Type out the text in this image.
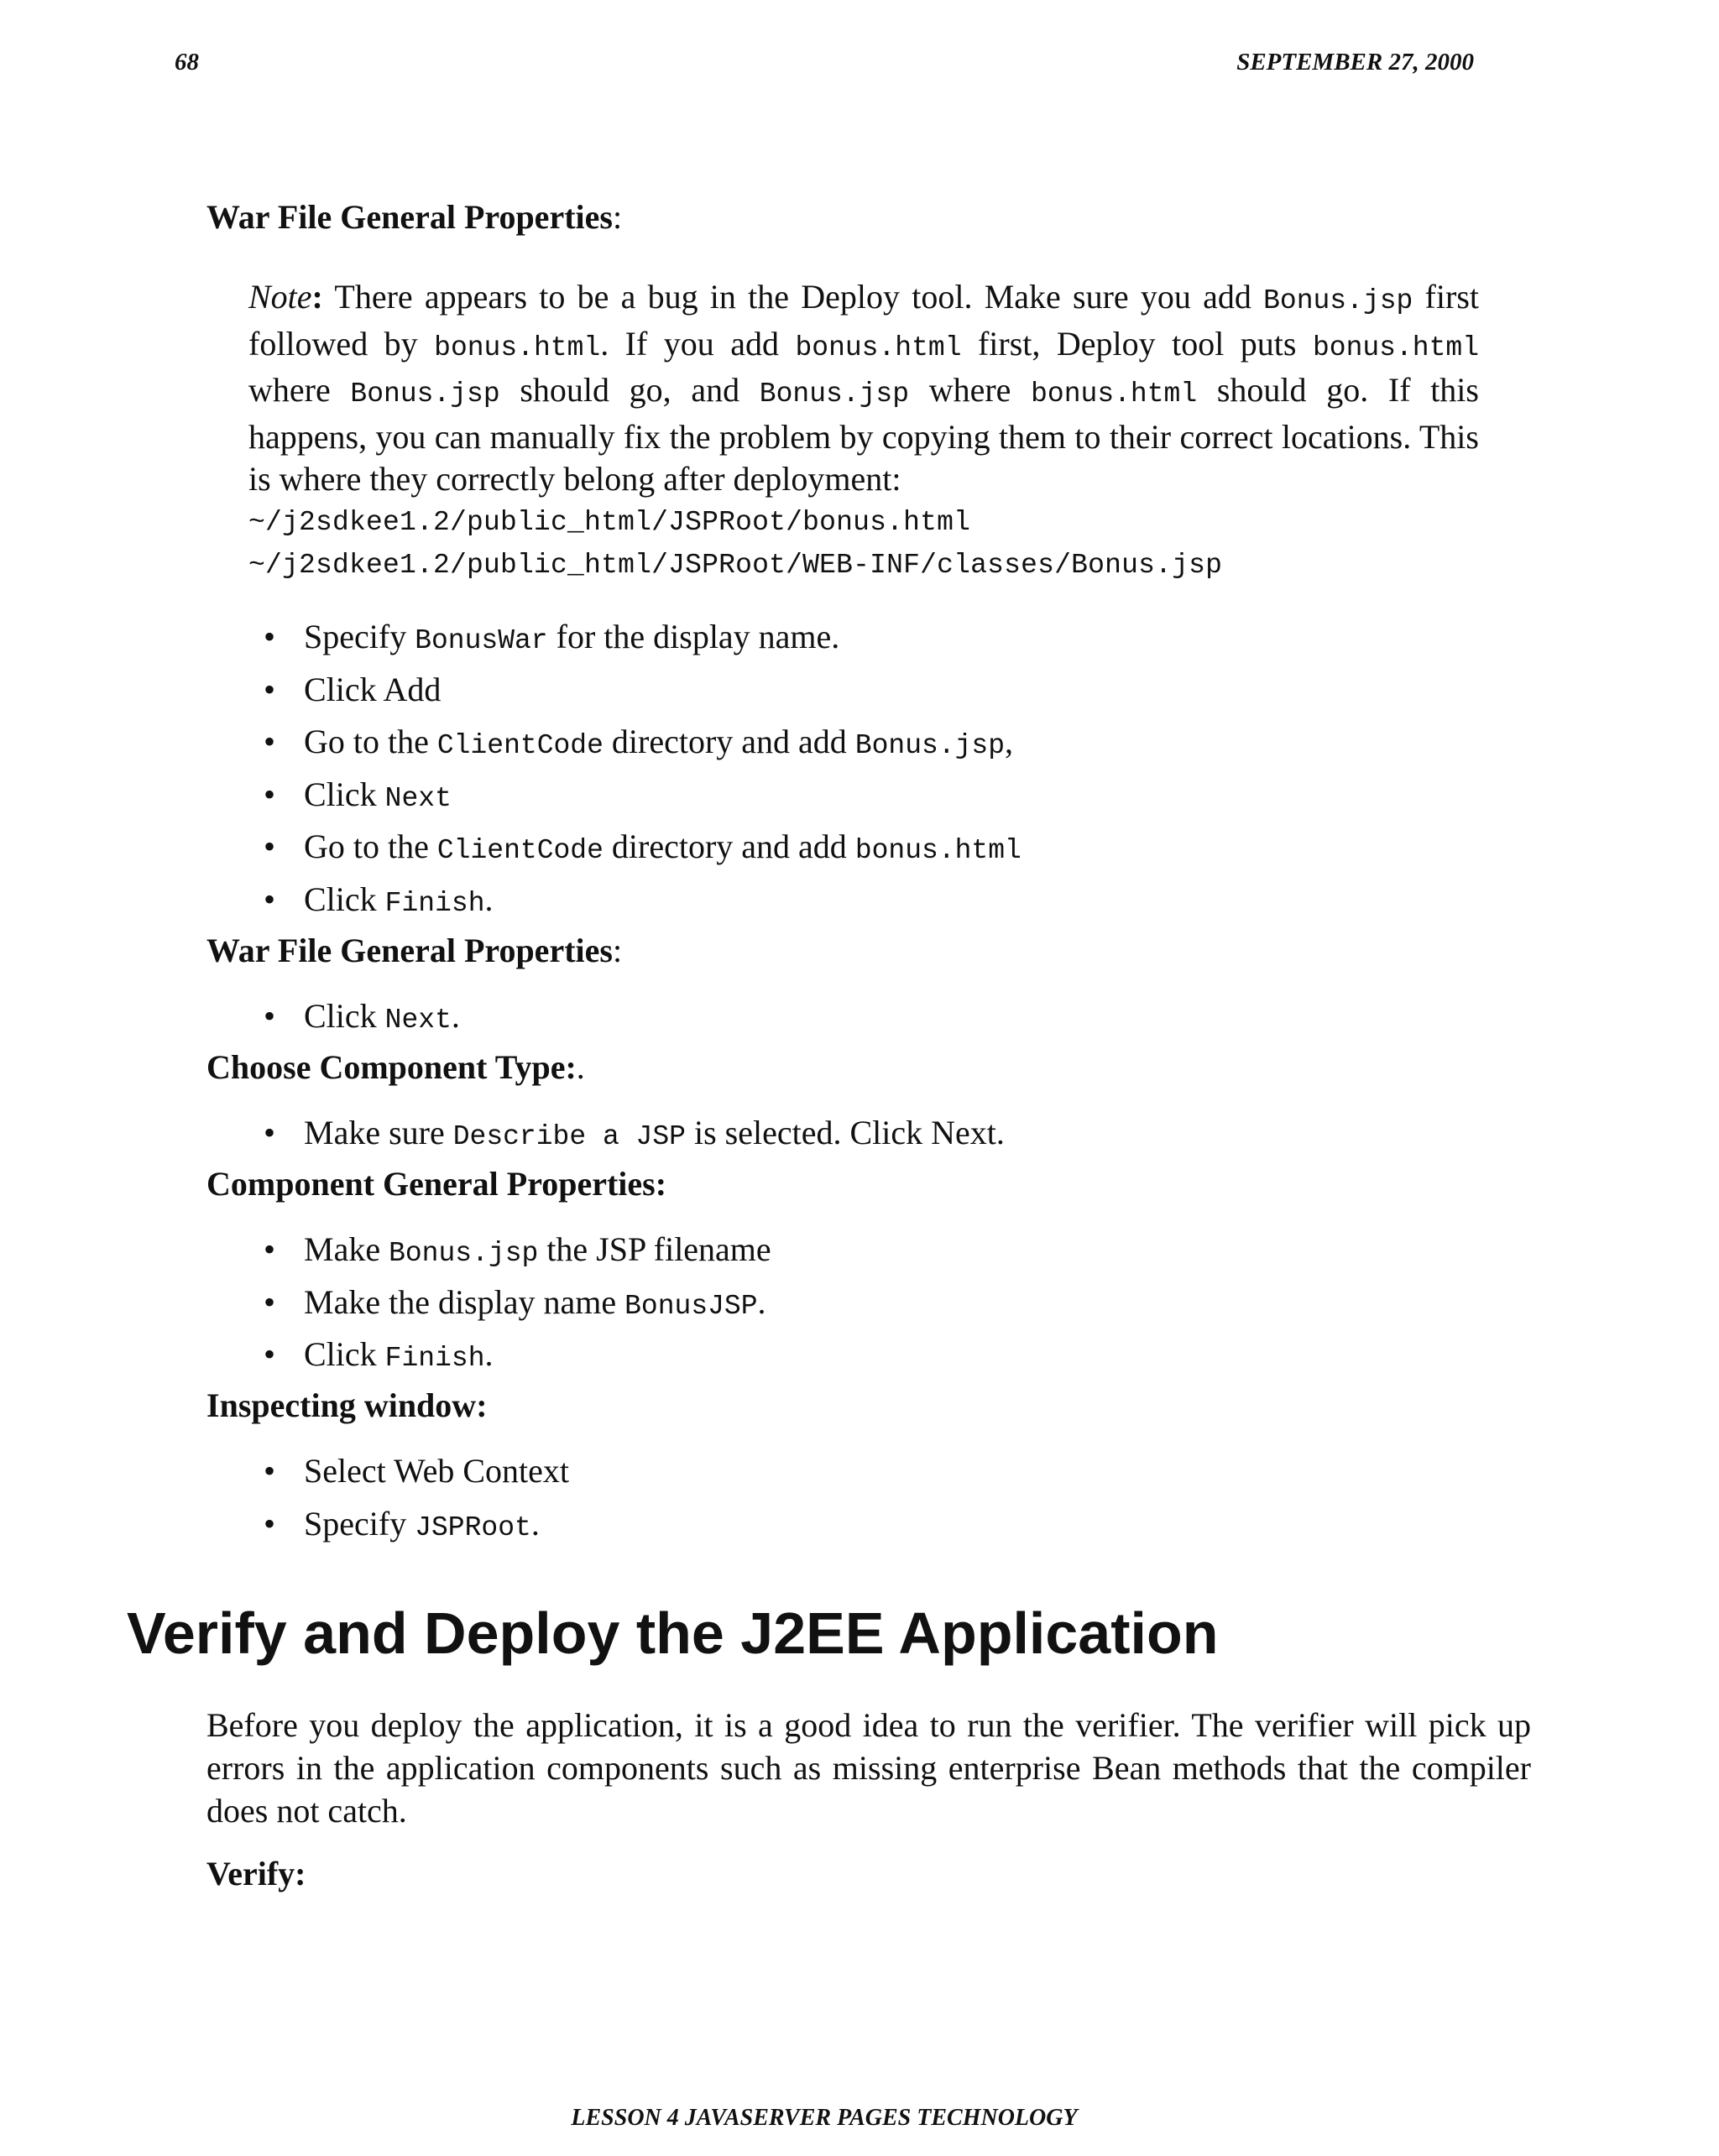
68	SEPTEMBER 27, 2000
War File General Properties:

Note: There appears to be a bug in the Deploy tool. Make sure you add Bonus.jsp first followed by bonus.html. If you add bonus.html first, Deploy tool puts bonus.html where Bonus.jsp should go, and Bonus.jsp where bonus.html should go. If this happens, you can manually fix the problem by copying them to their correct locations. This is where they correctly belong after deployment:

~/j2sdkee1.2/public_html/JSPRoot/bonus.html
~/j2sdkee1.2/public_html/JSPRoot/WEB-INF/classes/Bonus.jsp
• Specify BonusWar for the display name.
• Click Add
• Go to the ClientCode directory and add Bonus.jsp,
• Click Next
• Go to the ClientCode directory and add bonus.html
• Click Finish.
War File General Properties:
• Click Next.
Choose Component Type:.
• Make sure Describe a JSP is selected. Click Next.
Component General Properties:
• Make Bonus.jsp the JSP filename
• Make the display name BonusJSP.
• Click Finish.
Inspecting window:
• Select Web Context
• Specify JSPRoot.
Verify and Deploy the J2EE Application

Before you deploy the application, it is a good idea to run the verifier. The verifier will pick up errors in the application components such as missing enterprise Bean methods that the compiler does not catch.

Verify:
LESSON 4 JAVASERVER PAGES TECHNOLOGY
